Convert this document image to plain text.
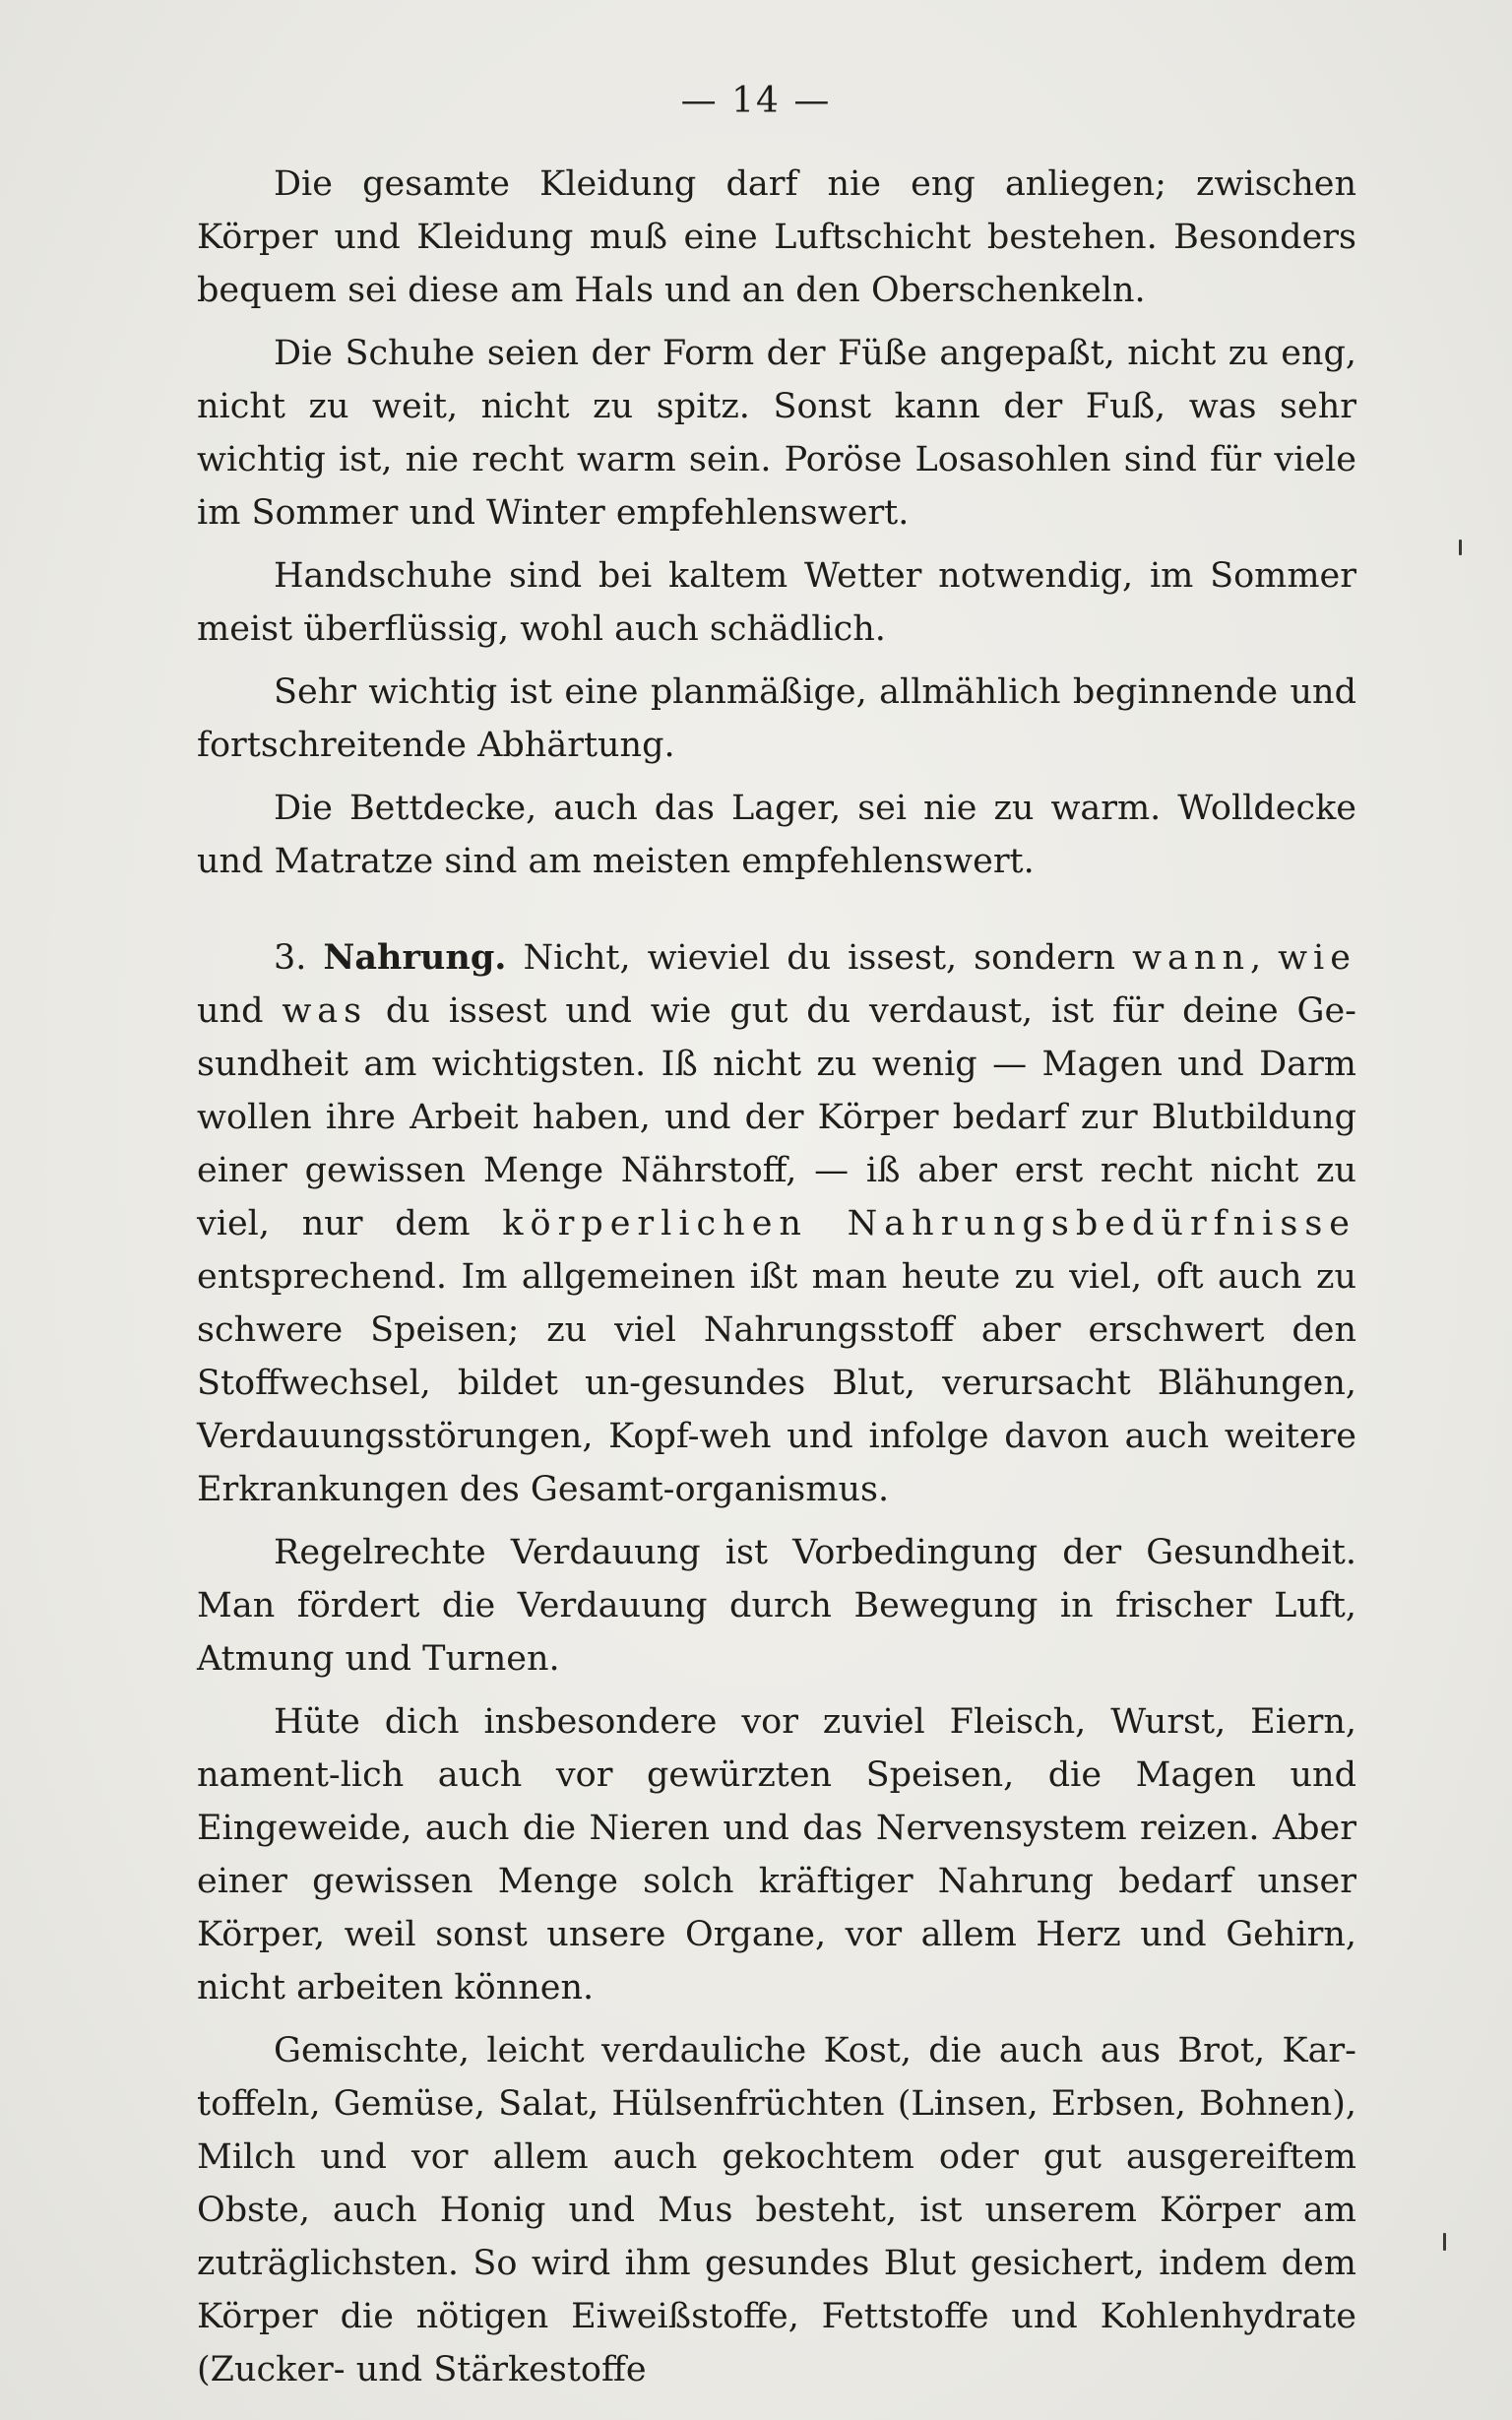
— 14 —

Die gesamte Kleidung darf nie eng anliegen; zwischen Körper und Kleidung muß eine Luftschicht bestehen. Besonders bequem sei diese am Hals und an den Oberschenkeln.

Die Schuhe seien der Form der Füße angepaßt, nicht zu eng, nicht zu weit, nicht zu spitz. Sonst kann der Fuß, was sehr wichtig ist, nie recht warm sein. Poröse Losasohlen sind für viele im Sommer und Winter empfehlenswert.

Handschuhe sind bei kaltem Wetter notwendig, im Sommer meist überflüssig, wohl auch schädlich.

Sehr wichtig ist eine planmäßige, allmählich beginnende und fortschreitende Abhärtung.

Die Bettdecke, auch das Lager, sei nie zu warm. Wolldecke und Matratze sind am meisten empfehlenswert.

3. Nahrung. Nicht, wieviel du issest, sondern wann, wie und was du issest und wie gut du verdaust, ist für deine Ge-sundheit am wichtigsten. Iß nicht zu wenig — Magen und Darm wollen ihre Arbeit haben, und der Körper bedarf zur Blutbildung einer gewissen Menge Nährstoff, — iß aber erst recht nicht zu viel, nur dem körperlichen Nahrungsbedürfnisse entsprechend. Im allgemeinen ißt man heute zu viel, oft auch zu schwere Speisen; zu viel Nahrungsstoff aber erschwert den Stoffwechsel, bildet un-gesundes Blut, verursacht Blähungen, Verdauungsstörungen, Kopf-weh und infolge davon auch weitere Erkrankungen des Gesamt-organismus.

Regelrechte Verdauung ist Vorbedingung der Gesundheit. Man fördert die Verdauung durch Bewegung in frischer Luft, Atmung und Turnen.

Hüte dich insbesondere vor zuviel Fleisch, Wurst, Eiern, nament-lich auch vor gewürzten Speisen, die Magen und Eingeweide, auch die Nieren und das Nervensystem reizen. Aber einer gewissen Menge solch kräftiger Nahrung bedarf unser Körper, weil sonst unsere Organe, vor allem Herz und Gehirn, nicht arbeiten können.

Gemischte, leicht verdauliche Kost, die auch aus Brot, Kar-toffeln, Gemüse, Salat, Hülsenfrüchten (Linsen, Erbsen, Bohnen), Milch und vor allem auch gekochtem oder gut ausgereiftem Obste, auch Honig und Mus besteht, ist unserem Körper am zuträglichsten. So wird ihm gesundes Blut gesichert, indem dem Körper die nötigen Eiweißstoffe, Fettstoffe und Kohlenhydrate (Zucker- und Stärkestoffe
